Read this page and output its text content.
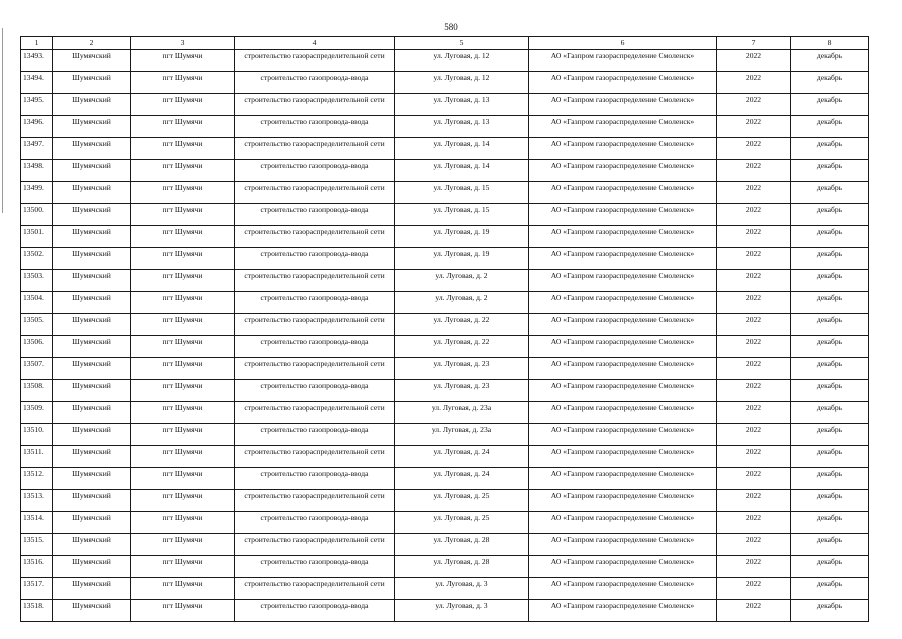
580
1	2	3	4	5	6	7	8
13493.	Шумячский	пгт Шумячи	строительство газораспределительной сети	ул. Луговая, д. 12	АО «Газпром газораспределение Смоленск»	2022	декабрь
13494.	Шумячский	пгт Шумячи	строительство газопровода-ввода	ул. Луговая, д. 12	АО «Газпром газораспределение Смоленск»	2022	декабрь
13495.	Шумячский	пгт Шумячи	строительство газораспределительной сети	ул. Луговая, д. 13	АО «Газпром газораспределение Смоленск»	2022	декабрь
13496.	Шумячский	пгт Шумячи	строительство газопровода-ввода	ул. Луговая, д. 13	АО «Газпром газораспределение Смоленск»	2022	декабрь
13497.	Шумячский	пгт Шумячи	строительство газораспределительной сети	ул. Луговая, д. 14	АО «Газпром газораспределение Смоленск»	2022	декабрь
13498.	Шумячский	пгт Шумячи	строительство газопровода-ввода	ул. Луговая, д. 14	АО «Газпром газораспределение Смоленск»	2022	декабрь
13499.	Шумячский	пгт Шумячи	строительство газораспределительной сети	ул. Луговая, д. 15	АО «Газпром газораспределение Смоленск»	2022	декабрь
13500.	Шумячский	пгт Шумячи	строительство газопровода-ввода	ул. Луговая, д. 15	АО «Газпром газораспределение Смоленск»	2022	декабрь
13501.	Шумячский	пгт Шумячи	строительство газораспределительной сети	ул. Луговая, д. 19	АО «Газпром газораспределение Смоленск»	2022	декабрь
13502.	Шумячский	пгт Шумячи	строительство газопровода-ввода	ул. Луговая, д. 19	АО «Газпром газораспределение Смоленск»	2022	декабрь
13503.	Шумячский	пгт Шумячи	строительство газораспределительной сети	ул. Луговая, д. 2	АО «Газпром газораспределение Смоленск»	2022	декабрь
13504.	Шумячский	пгт Шумячи	строительство газопровода-ввода	ул. Луговая, д. 2	АО «Газпром газораспределение Смоленск»	2022	декабрь
13505.	Шумячский	пгт Шумячи	строительство газораспределительной сети	ул. Луговая, д. 22	АО «Газпром газораспределение Смоленск»	2022	декабрь
13506.	Шумячский	пгт Шумячи	строительство газопровода-ввода	ул. Луговая, д. 22	АО «Газпром газораспределение Смоленск»	2022	декабрь
13507.	Шумячский	пгт Шумячи	строительство газораспределительной сети	ул. Луговая, д. 23	АО «Газпром газораспределение Смоленск»	2022	декабрь
13508.	Шумячский	пгт Шумячи	строительство газопровода-ввода	ул. Луговая, д. 23	АО «Газпром газораспределение Смоленск»	2022	декабрь
13509.	Шумячский	пгт Шумячи	строительство газораспределительной сети	ул. Луговая, д. 23а	АО «Газпром газораспределение Смоленск»	2022	декабрь
13510.	Шумячский	пгт Шумячи	строительство газопровода-ввода	ул. Луговая, д. 23а	АО «Газпром газораспределение Смоленск»	2022	декабрь
13511.	Шумячский	пгт Шумячи	строительство газораспределительной сети	ул. Луговая, д. 24	АО «Газпром газораспределение Смоленск»	2022	декабрь
13512.	Шумячский	пгт Шумячи	строительство газопровода-ввода	ул. Луговая, д. 24	АО «Газпром газораспределение Смоленск»	2022	декабрь
13513.	Шумячский	пгт Шумячи	строительство газораспределительной сети	ул. Луговая, д. 25	АО «Газпром газораспределение Смоленск»	2022	декабрь
13514.	Шумячский	пгт Шумячи	строительство газопровода-ввода	ул. Луговая, д. 25	АО «Газпром газораспределение Смоленск»	2022	декабрь
13515.	Шумячский	пгт Шумячи	строительство газораспределительной сети	ул. Луговая, д. 28	АО «Газпром газораспределение Смоленск»	2022	декабрь
13516.	Шумячский	пгт Шумячи	строительство газопровода-ввода	ул. Луговая, д. 28	АО «Газпром газораспределение Смоленск»	2022	декабрь
13517.	Шумячский	пгт Шумячи	строительство газораспределительной сети	ул. Луговая, д. 3	АО «Газпром газораспределение Смоленск»	2022	декабрь
13518.	Шумячский	пгт Шумячи	строительство газопровода-ввода	ул. Луговая, д. 3	АО «Газпром газораспределение Смоленск»	2022	декабрь
